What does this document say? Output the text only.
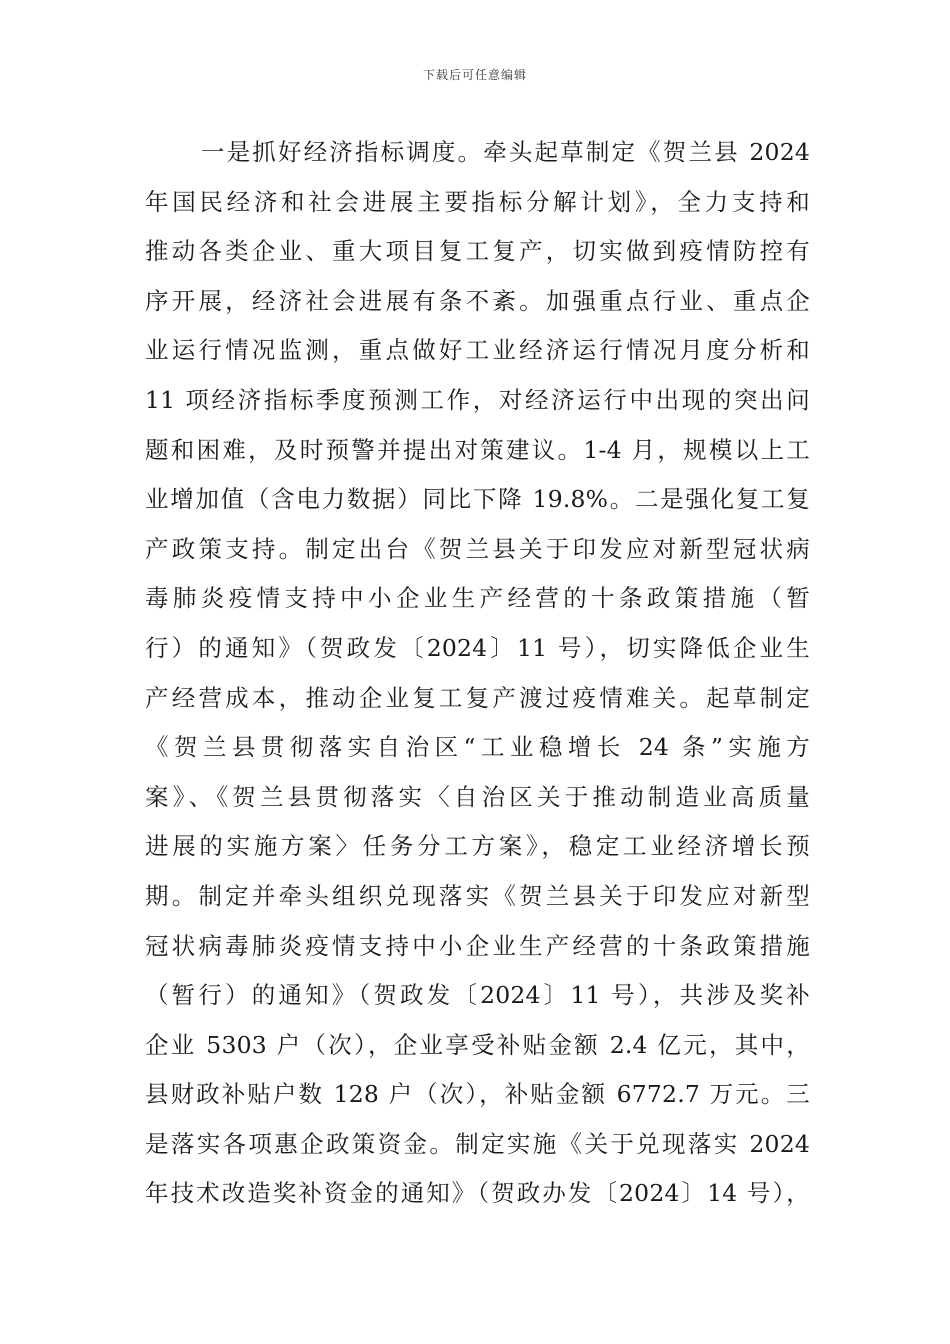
下载后可任意编辑
一是抓好经济指标调度。牵头起草制定《贺兰县 2024
年国民经济和社会进展主要指标分解计划》，全力支持和
推动各类企业、重大项目复工复产，切实做到疫情防控有
序开展，经济社会进展有条不紊。加强重点行业、重点企
业运行情况监测，重点做好工业经济运行情况月度分析和
11 项经济指标季度预测工作，对经济运行中出现的突出问
题和困难，及时预警并提出对策建议。1-4 月，规模以上工
业增加值（含电力数据）同比下降 19.8%。二是强化复工复
产政策支持。制定出台《贺兰县关于印发应对新型冠状病
毒肺炎疫情支持中小企业生产经营的十条政策措施（暂
行）的通知》（贺政发〔2024〕11 号），切实降低企业生
产经营成本，推动企业复工复产渡过疫情难关。起草制定
《贺兰县贯彻落实自治区“工业稳增长 24 条”实施方
案》、《贺兰县贯彻落实〈自治区关于推动制造业高质量
进展的实施方案〉任务分工方案》，稳定工业经济增长预
期。制定并牵头组织兑现落实《贺兰县关于印发应对新型
冠状病毒肺炎疫情支持中小企业生产经营的十条政策措施
（暂行）的通知》（贺政发〔2024〕11 号），共涉及奖补
企业 5303 户（次），企业享受补贴金额 2.4 亿元，其中，
县财政补贴户数 128 户（次），补贴金额 6772.7 万元。三
是落实各项惠企政策资金。制定实施《关于兑现落实 2024
年技术改造奖补资金的通知》（贺政办发〔2024〕14 号），
